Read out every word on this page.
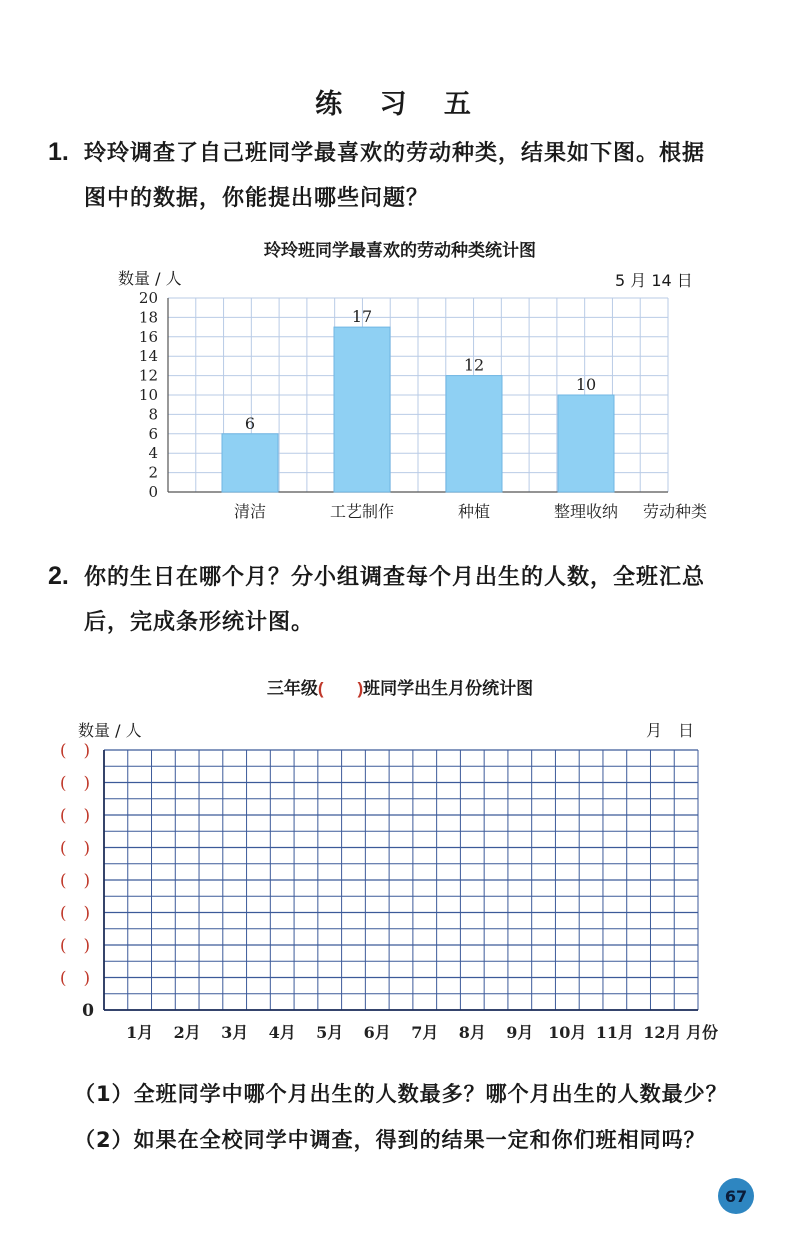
练 习 五
1. 玲玲调查了自己班同学最喜欢的劳动种类，结果如下图。根据
图中的数据，你能提出哪些问题？
玲玲班同学最喜欢的劳动种类统计图
数量 / 人	5 月 14 日
0
2
4
6
8
10
12
14
16
18
20
6
清洁
17
工艺制作
12
种植
10
整理收纳 劳动种类
2. 你的生日在哪个月？分小组调查每个月出生的人数，全班汇总
后，完成条形统计图。
三年级(　　)班同学出生月份统计图
数量 / 人	月　日
(　)
(　)
(　)
(　)
(　)
(　)
(　)
(　)
0
1月 2月 3月 4月 5月 6月 7月 8月 9月 10月 11月 12月 月份
（1）全班同学中哪个月出生的人数最多？哪个月出生的人数最少？
（2）如果在全校同学中调查，得到的结果一定和你们班相同吗？
67
